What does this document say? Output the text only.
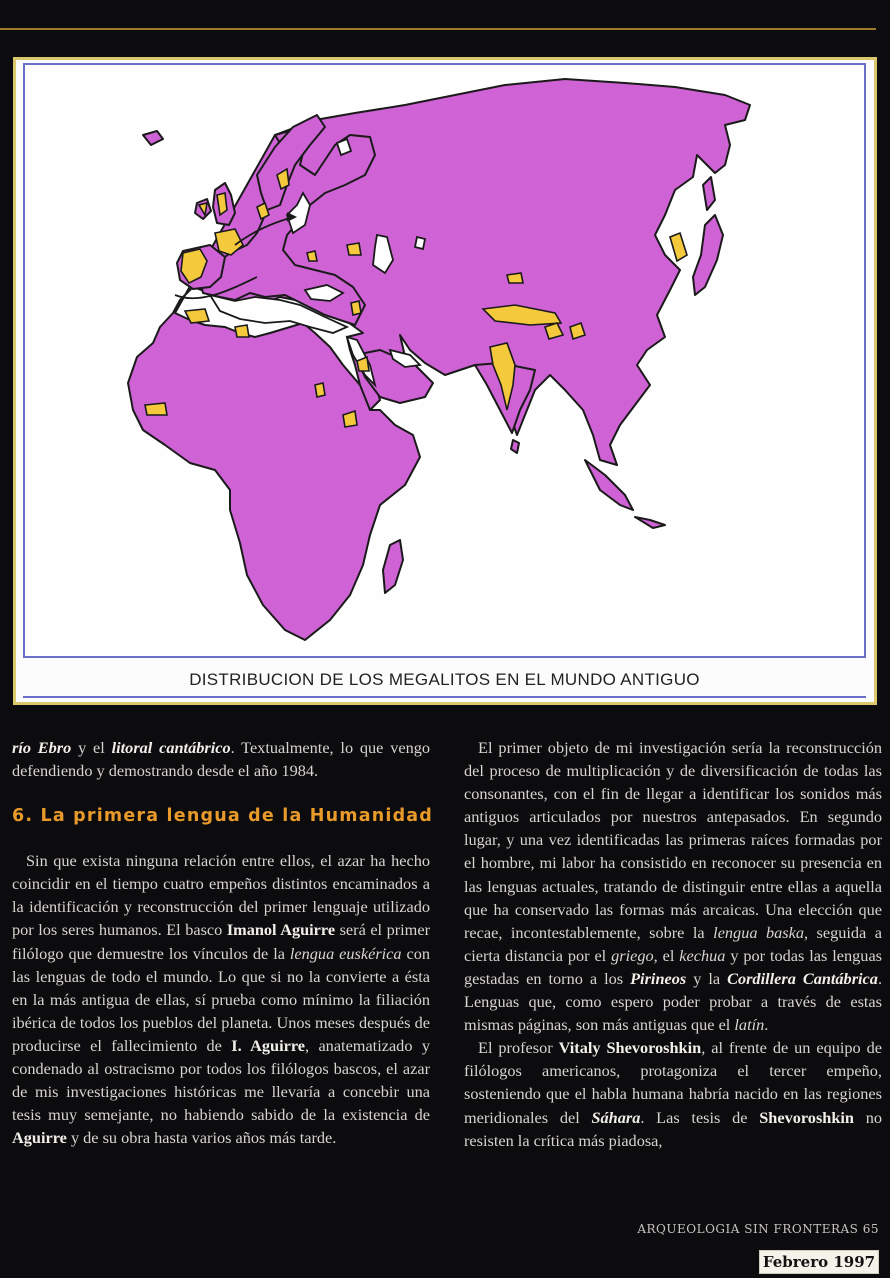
DISTRIBUCION DE LOS MEGALITOS EN EL MUNDO ANTIGUO

río Ebro y el litoral cantábrico. Textualmente, lo que vengo defendiendo y demostrando desde el año 1984.

Sin que exista ninguna relación entre ellos, el azar ha hecho coincidir en el tiempo cuatro empeños distintos encaminados a la identificación y reconstrucción del primer lenguaje utilizado por los seres humanos. El basco Imanol Aguirre será el primer filólogo que demuestre los vínculos de la lengua euskérica con las lenguas de todo el mundo. Lo que si no la convierte a ésta en la más antigua de ellas, sí prueba como mínimo la filiación ibérica de todos los pueblos del planeta. Unos meses después de producirse el fallecimiento de I. Aguirre, anatematizado y condenado al ostracismo por todos los filólogos bascos, el azar de mis investigaciones históricas me llevaría a concebir una tesis muy semejante, no habiendo sabido de la existencia de Aguirre y de su obra hasta varios años más tarde.

6. La primera lengua de la Humanidad

El primer objeto de mi investigación sería la reconstrucción del proceso de multiplicación y de diversificación de todas las consonantes, con el fin de llegar a identificar los sonidos más antiguos articulados por nuestros antepasados. En segundo lugar, y una vez identificadas las primeras raíces formadas por el hombre, mi labor ha consistido en reconocer su presencia en las lenguas actuales, tratando de distinguir entre ellas a aquella que ha conservado las formas más arcaicas. Una elección que recae, incontestablemente, sobre la lengua baska, seguida a cierta distancia por el griego, el kechua y por todas las lenguas gestadas en torno a los Pirineos y la Cordillera Cantábrica. Lenguas que, como espero poder probar a través de estas mismas páginas, son más antiguas que el latín.

El profesor Vitaly Shevoroshkin, al frente de un equipo de filólogos americanos, protagoniza el tercer empeño, sosteniendo que el habla humana habría nacido en las regiones meridionales del Sáhara. Las tesis de Shevoroshkin no resisten la crítica más piadosa,

ARQUEOLOGIA SIN FRONTERAS 65
Febrero 1997
